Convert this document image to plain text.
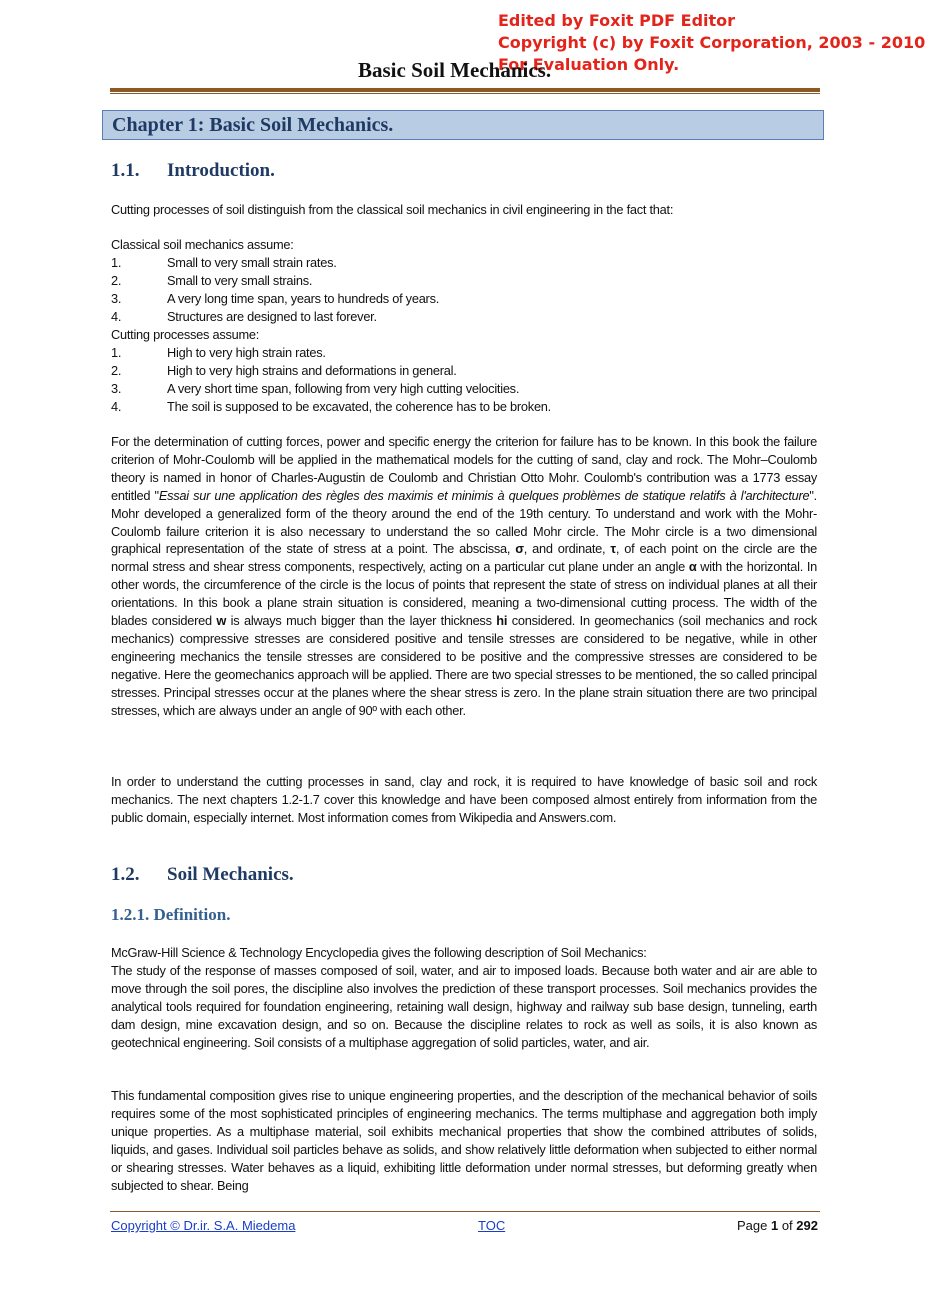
Edited by Foxit PDF Editor
Copyright (c) by Foxit Corporation, 2003 - 2010
For Evaluation Only.
Basic Soil Mechanics.
Chapter 1: Basic Soil Mechanics.
1.1. Introduction.
Cutting processes of soil distinguish from the classical soil mechanics in civil engineering in the fact that:
Classical soil mechanics assume:
1.	Small to very small strain rates.
2.	Small to very small strains.
3.	A very long time span, years to hundreds of years.
4.	Structures are designed to last forever.
Cutting processes assume:
1.	High to very high strain rates.
2.	High to very high strains and deformations in general.
3.	A very short time span, following from very high cutting velocities.
4.	The soil is supposed to be excavated, the coherence has to be broken.
For the determination of cutting forces, power and specific energy the criterion for failure has to be known. In this book the failure criterion of Mohr-Coulomb will be applied in the mathematical models for the cutting of sand, clay and rock. The Mohr–Coulomb theory is named in honor of Charles-Augustin de Coulomb and Christian Otto Mohr. Coulomb's contribution was a 1773 essay entitled "Essai sur une application des règles des maximis et minimis à quelques problèmes de statique relatifs à l'architecture". Mohr developed a generalized form of the theory around the end of the 19th century. To understand and work with the Mohr-Coulomb failure criterion it is also necessary to understand the so called Mohr circle. The Mohr circle is a two dimensional graphical representation of the state of stress at a point. The abscissa, σ, and ordinate, τ, of each point on the circle are the normal stress and shear stress components, respectively, acting on a particular cut plane under an angle α with the horizontal. In other words, the circumference of the circle is the locus of points that represent the state of stress on individual planes at all their orientations. In this book a plane strain situation is considered, meaning a two-dimensional cutting process. The width of the blades considered w is always much bigger than the layer thickness hi considered. In geomechanics (soil mechanics and rock mechanics) compressive stresses are considered positive and tensile stresses are considered to be negative, while in other engineering mechanics the tensile stresses are considered to be positive and the compressive stresses are considered to be negative. Here the geomechanics approach will be applied. There are two special stresses to be mentioned, the so called principal stresses. Principal stresses occur at the planes where the shear stress is zero. In the plane strain situation there are two principal stresses, which are always under an angle of 90º with each other.
In order to understand the cutting processes in sand, clay and rock, it is required to have knowledge of basic soil and rock mechanics. The next chapters 1.2-1.7 cover this knowledge and have been composed almost entirely from information from the public domain, especially internet. Most information comes from Wikipedia and Answers.com.
1.2. Soil Mechanics.
1.2.1. Definition.
McGraw-Hill Science & Technology Encyclopedia gives the following description of Soil Mechanics:
The study of the response of masses composed of soil, water, and air to imposed loads. Because both water and air are able to move through the soil pores, the discipline also involves the prediction of these transport processes. Soil mechanics provides the analytical tools required for foundation engineering, retaining wall design, highway and railway sub base design, tunneling, earth dam design, mine excavation design, and so on. Because the discipline relates to rock as well as soils, it is also known as geotechnical engineering. Soil consists of a multiphase aggregation of solid particles, water, and air.
This fundamental composition gives rise to unique engineering properties, and the description of the mechanical behavior of soils requires some of the most sophisticated principles of engineering mechanics. The terms multiphase and aggregation both imply unique properties. As a multiphase material, soil exhibits mechanical properties that show the combined attributes of solids, liquids, and gases. Individual soil particles behave as solids, and show relatively little deformation when subjected to either normal or shearing stresses. Water behaves as a liquid, exhibiting little deformation under normal stresses, but deforming greatly when subjected to shear. Being
Copyright © Dr.ir. S.A. Miedema	TOC	Page 1 of 292
